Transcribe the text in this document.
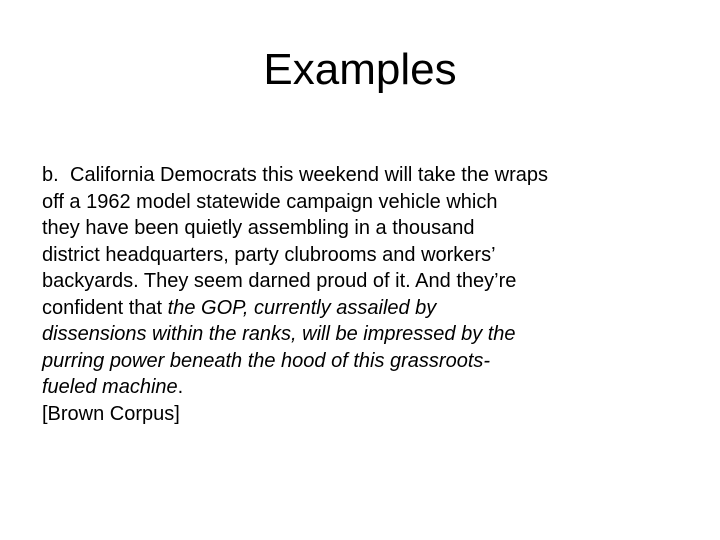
Examples

b. California Democrats this weekend will take the wraps
off a 1962 model statewide campaign vehicle which
they have been quietly assembling in a thousand
district headquarters, party clubrooms and workers’
backyards. They seem darned proud of it. And they’re
confident that the GOP, currently assailed by
dissensions within the ranks, will be impressed by the
purring power beneath the hood of this grassroots-
fueled machine.
[Brown Corpus]
